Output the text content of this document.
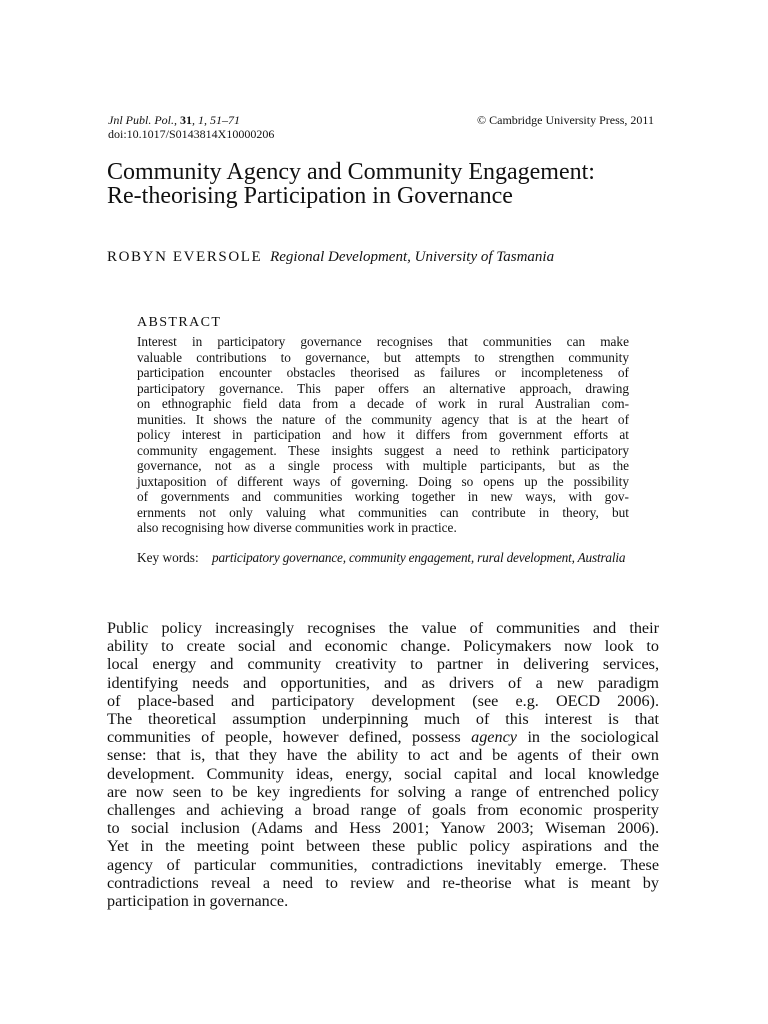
Jnl Publ. Pol., 31, 1, 51–71	© Cambridge University Press, 2011
doi:10.1017/S0143814X10000206
Community Agency and Community Engagement:
Re-theorising Participation in Governance
ROBYN EVERSOLE Regional Development, University of Tasmania
ABSTRACT
Interest in participatory governance recognises that communities can make
valuable contributions to governance, but attempts to strengthen community
participation encounter obstacles theorised as failures or incompleteness of
participatory governance. This paper offers an alternative approach, drawing
on ethnographic field data from a decade of work in rural Australian com-
munities. It shows the nature of the community agency that is at the heart of
policy interest in participation and how it differs from government efforts at
community engagement. These insights suggest a need to rethink participatory
governance, not as a single process with multiple participants, but as the
juxtaposition of different ways of governing. Doing so opens up the possibility
of governments and communities working together in new ways, with gov-
ernments not only valuing what communities can contribute in theory, but
also recognising how diverse communities work in practice.
Key words: participatory governance, community engagement, rural development, Australia
Public policy increasingly recognises the value of communities and their
ability to create social and economic change. Policymakers now look to
local energy and community creativity to partner in delivering services,
identifying needs and opportunities, and as drivers of a new paradigm
of place-based and participatory development (see e.g. OECD 2006).
The theoretical assumption underpinning much of this interest is that
communities of people, however defined, possess agency in the sociological
sense: that is, that they have the ability to act and be agents of their own
development. Community ideas, energy, social capital and local knowledge
are now seen to be key ingredients for solving a range of entrenched policy
challenges and achieving a broad range of goals from economic prosperity
to social inclusion (Adams and Hess 2001; Yanow 2003; Wiseman 2006).
Yet in the meeting point between these public policy aspirations and the
agency of particular communities, contradictions inevitably emerge. These
contradictions reveal a need to review and re-theorise what is meant by
participation in governance.
